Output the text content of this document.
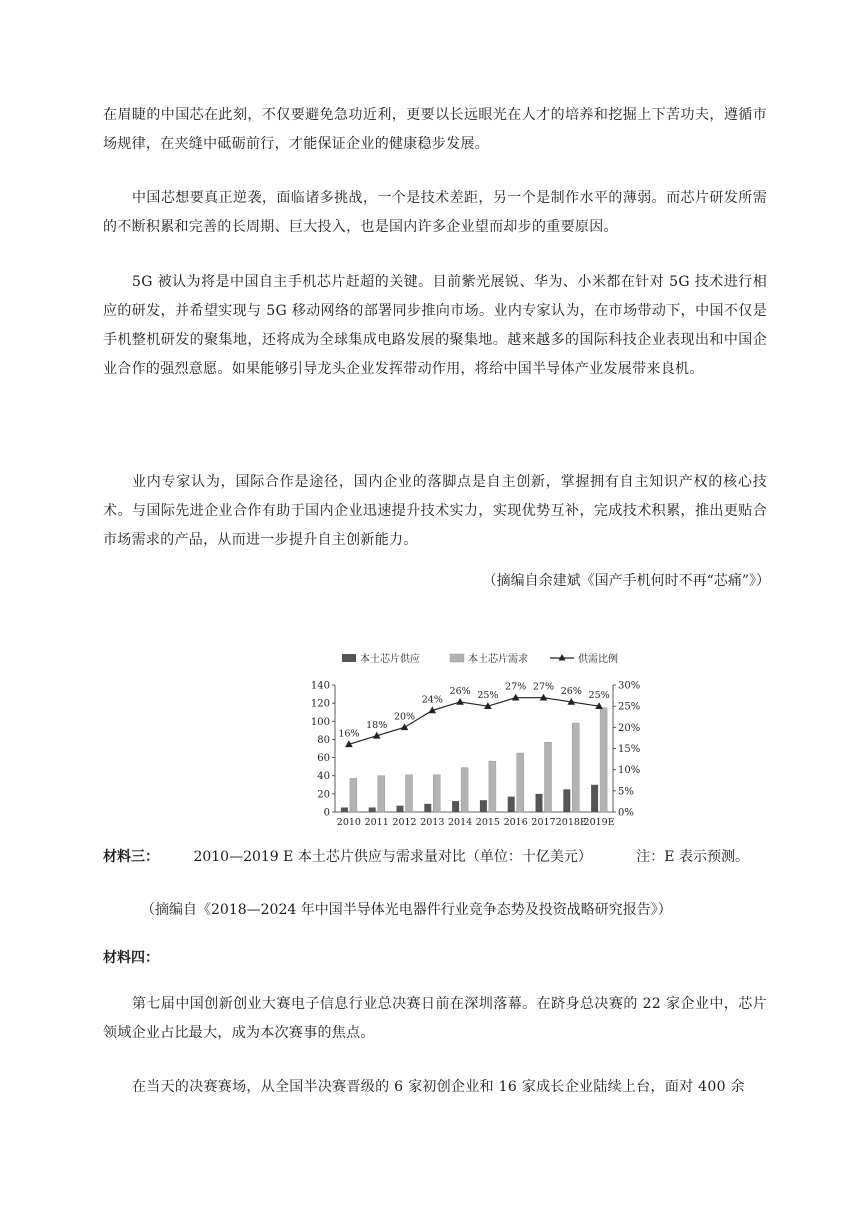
在眉睫的中国芯在此刻，不仅要避免急功近利，更要以长远眼光在人才的培养和挖掘上下苦功夫，遵循市场规律，在夹缝中砥砺前行，才能保证企业的健康稳步发展。

中国芯想要真正逆袭，面临诸多挑战，一个是技术差距，另一个是制作水平的薄弱。而芯片研发所需的不断积累和完善的长周期、巨大投入，也是国内许多企业望而却步的重要原因。

5G 被认为将是中国自主手机芯片赶超的关键。目前紫光展锐、华为、小米都在针对 5G 技术进行相应的研发，并希望实现与 5G 移动网络的部署同步推向市场。业内专家认为，在市场带动下，中国不仅是手机整机研发的聚集地，还将成为全球集成电路发展的聚集地。越来越多的国际科技企业表现出和中国企业合作的强烈意愿。如果能够引导龙头企业发挥带动作用，将给中国半导体产业发展带来良机。

业内专家认为，国际合作是途径，国内企业的落脚点是自主创新，掌握拥有自主知识产权的核心技术。与国际先进企业合作有助于国内企业迅速提升技术实力，实现优势互补，完成技术积累，推出更贴合市场需求的产品，从而进一步提升自主创新能力。

（摘编自余建斌《国产手机何时不再“芯痛”》）

0
20
40
60
80
100
120
140
0%
5%
10%
15%
20%
25%
30%
2010 2011 2012 2013 2014 2015 2016 2017 2018E
2019E
16%
18%
20%
24%
26% 25%
27% 27% 26% 25%
本土芯片供应	本土芯片需求	供需比例
材料三： 2010—2019 E 本土芯片供应与需求量对比（单位：十亿美元）	注：E 表示预测。

（摘编自《2018—2024 年中国半导体光电器件行业竞争态势及投资战略研究报告》）

材料四：

第七届中国创新创业大赛电子信息行业总决赛日前在深圳落幕。在跻身总决赛的 22 家企业中，芯片领域企业占比最大，成为本次赛事的焦点。

在当天的决赛赛场，从全国半决赛晋级的 6 家初创企业和 16 家成长企业陆续上台，面对 400 余
